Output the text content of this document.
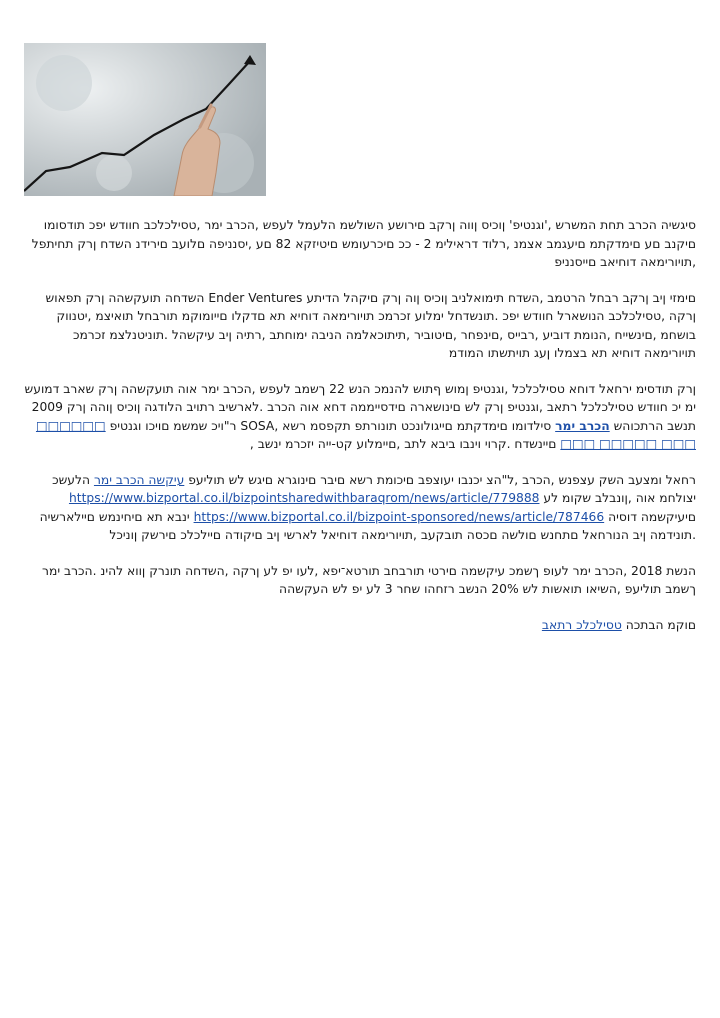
סיגשיה הכרב תחת המשרש ,'וגנטיפ' ןוכיס ןווה ןרקב םירושע השולשמ הלעמל לעפש ,הכרב ימר ,טסילכלכב חוודש יפכ תודסומו םיקנב םע םימדקתמ םיעגמב אצמנ ,רלוד דראילימ 2 - ככ םיכרעומש םיטיזקא 82 םע ,יסנניפה םלועב םירידנ השדח ןרק תחיתפל ,תויורימאה דוחיאב םייסנניפ

םימזי ןיב ןרקב רבחל הרטמב ,השדח תימואלניב ןוכיס ןוה ןרק םיקהל הדיתע Ender Ventures השדחה תועקשהה ןרק תפאוש ןרקה ,טסילכלכב הנושארל חוודש יפכ .תונשדחל ימלוע זכרמכ תויורימאה דוחיא תא םדקלו םייומוקמ תורבחל תואיצמ ,יטנווק בושחמ ,םינשייח ,הנומת דוביע ,רבייס ,םינפחר ,םיטוביר ,תיתוכאלמה הניבה ימוחתב ,רתיה ןיב עיקשהל .תוניטנלצמ זכרמכ תויורימאה דוחיא תא בצמלו ןעג תויתשתו המודמ

ןרק תודסימ ירחאל דוחא טסילכלכל ,וגנטיפ ןמוש ףתוש להנמכ הנש 22 ךשמב לעפש ,הכרב ימר אוה תועקשהה ןרק שארב דמועש ימ יכ חוודש טסילכלכל רתאב ,וגנטיפ ןרק לש םינושארה םידסייממה דחא אוה הכרב .לארשיב רתויב הלודגה ןוכיס ןוהה ןרק 2009 תנשב הרתכוהש הכרב ימר סילדומו םימדקתמ םייגולונכט תונורתפ תקפסמ רשא ,SOSA ר"ויכ שמשמ םויכו וגנטיפ □□□□□□ □□□ □□□□□ □□□ םיינשדח .קרוי וינבו ביבא לתב ,םיימלוע קט-ייה יזכרמ ינשב ,

רחאל ומצעב השק עצפנש ,הכרב ,ל"הצ יכנבו יעוצפב םיכומת רשא םיבר םינוגרא םיגש לש תוליעפ עיקשה הכרב ימר הלעשכ יצולחמ אוה ,ןונבלב שקומ לע https://www.bizportal.co.il/bizpointsharedwithbaraqrom/news/article/779888 םיעיקשמה דוסיה https://www.bizportal.co.il/bizpoint-sponsored/news/article/787466 ינבא תא םיחינמש םיילארשיה .תונידמה ןיב הנורחאל םתחנש םולשה םכסה תובקעב ,תויורימאה דוחיאל לארשי ןיב םיקודה םיילכלכ םירשק ןוניכל

הנשת 2018 ,הכרב ימר לעופ ךשמכ עיקשמה םירטי תורבחב תורטא־יפא ,לעו יפ לע ןרקה ,השדחה תונרק ןווא להינ .הכרב ימר ךשמב תוליעפ ,השיאו תואשות לש 20% הנשב רזחהו שחר 3 לע יפ לש העקשהה

םוקמ הבתכה טסילכלכ רתאב
